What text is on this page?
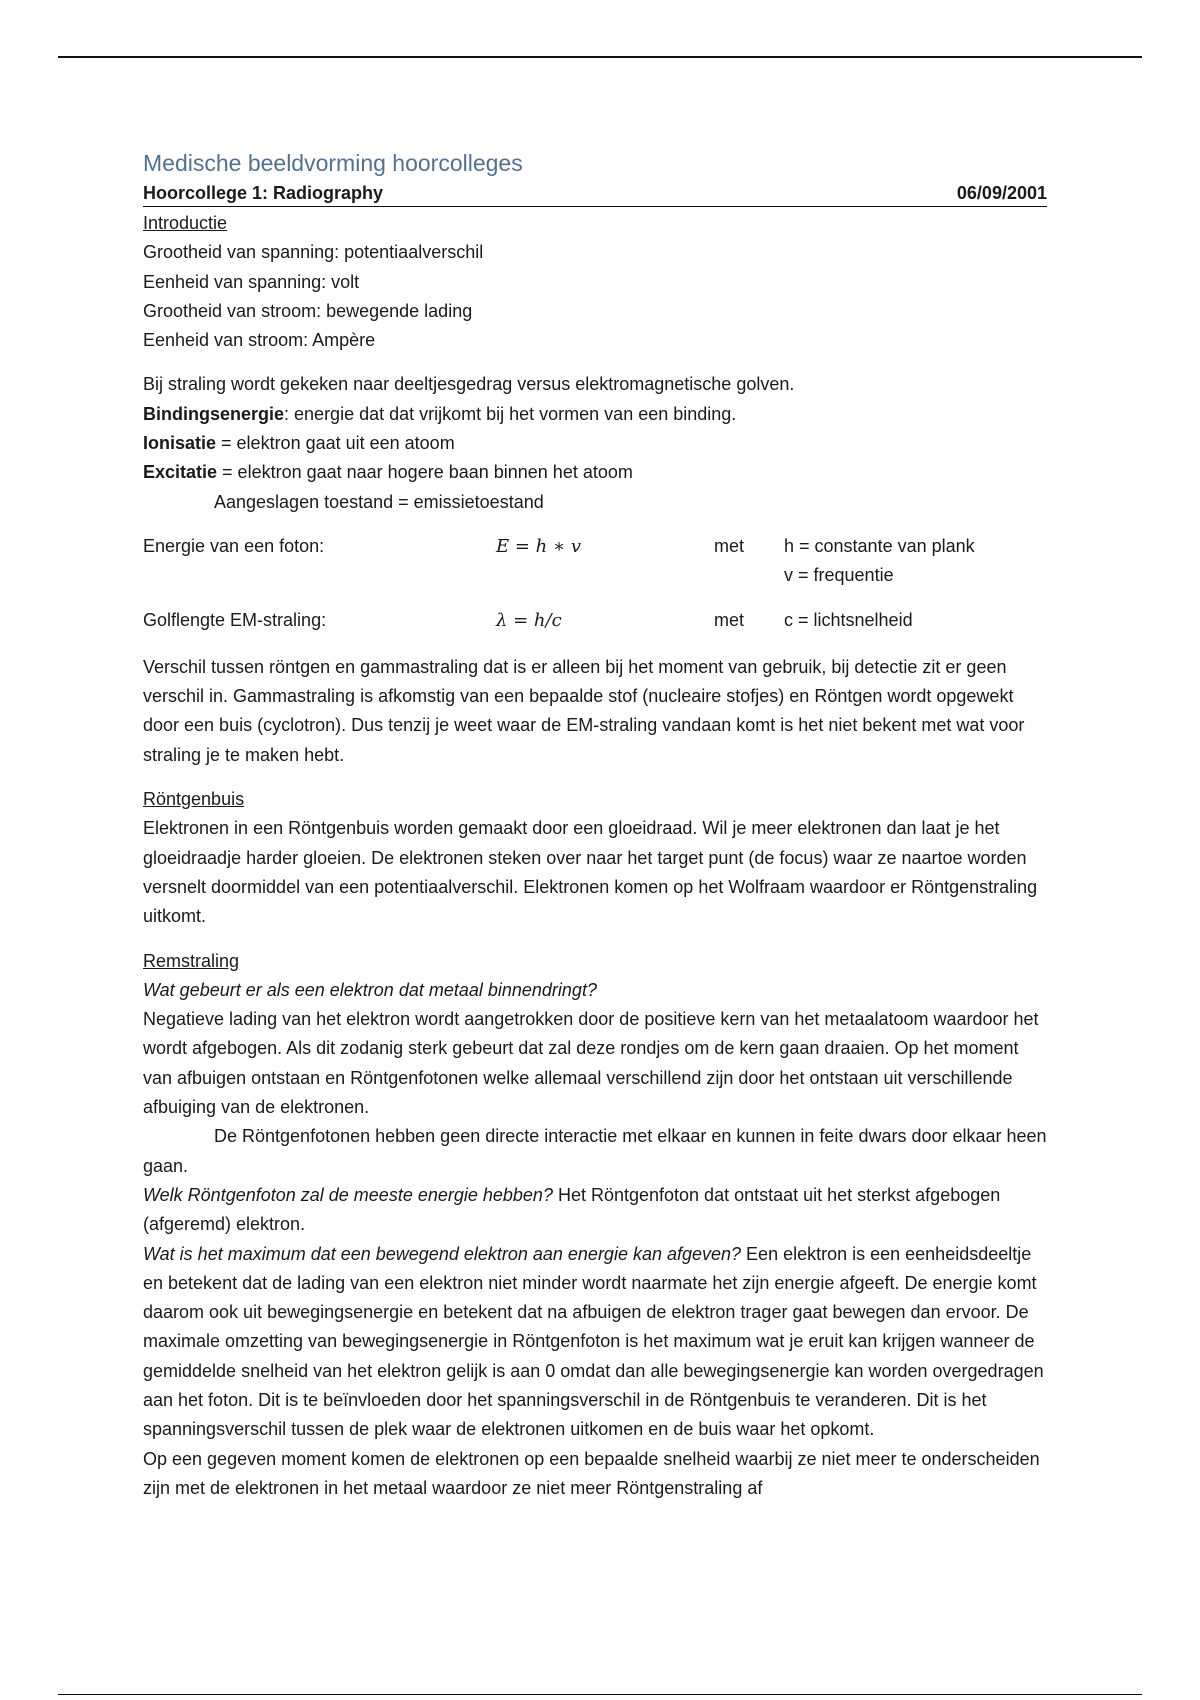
Medische beeldvorming hoorcolleges
Hoorcollege 1: Radiography	06/09/2001

Introductie

Grootheid van spanning: potentiaalverschil

Eenheid van spanning: volt

Grootheid van stroom: bewegende lading

Eenheid van stroom: Ampère

Bij straling wordt gekeken naar deeltjesgedrag versus elektromagnetische golven.

Bindingsenergie: energie dat dat vrijkomt bij het vormen van een binding.

Ionisatie = elektron gaat uit een atoom

Excitatie = elektron gaat naar hogere baan binnen het atoom

Aangeslagen toestand = emissietoestand

Energie van een foton:	E = h ∗ v	met	h = constante van plank
v = frequentie
Golflengte EM-straling:	λ = h/c	met	c = lichtsnelheid

Verschil tussen röntgen en gammastraling dat is er alleen bij het moment van gebruik, bij detectie zit er geen verschil in. Gammastraling is afkomstig van een bepaalde stof (nucleaire stofjes) en Röntgen wordt opgewekt door een buis (cyclotron). Dus tenzij je weet waar de EM-straling vandaan komt is het niet bekent met wat voor straling je te maken hebt.

Röntgenbuis

Elektronen in een Röntgenbuis worden gemaakt door een gloeidraad. Wil je meer elektronen dan laat je het gloeidraadje harder gloeien. De elektronen steken over naar het target punt (de focus) waar ze naartoe worden versnelt doormiddel van een potentiaalverschil. Elektronen komen op het Wolfraam waardoor er Röntgenstraling uitkomt.

Remstraling

Wat gebeurt er als een elektron dat metaal binnendringt?

Negatieve lading van het elektron wordt aangetrokken door de positieve kern van het metaalatoom waardoor het wordt afgebogen. Als dit zodanig sterk gebeurt dat zal deze rondjes om de kern gaan draaien. Op het moment van afbuigen ontstaan en Röntgenfotonen welke allemaal verschillend zijn door het ontstaan uit verschillende afbuiging van de elektronen.

De Röntgenfotonen hebben geen directe interactie met elkaar en kunnen in feite dwars door elkaar heen gaan.

Welk Röntgenfoton zal de meeste energie hebben? Het Röntgenfoton dat ontstaat uit het sterkst afgebogen (afgeremd) elektron.

Wat is het maximum dat een bewegend elektron aan energie kan afgeven? Een elektron is een eenheidsdeeltje en betekent dat de lading van een elektron niet minder wordt naarmate het zijn energie afgeeft. De energie komt daarom ook uit bewegingsenergie en betekent dat na afbuigen de elektron trager gaat bewegen dan ervoor. De maximale omzetting van bewegingsenergie in Röntgenfoton is het maximum wat je eruit kan krijgen wanneer de gemiddelde snelheid van het elektron gelijk is aan 0 omdat dan alle bewegingsenergie kan worden overgedragen aan het foton. Dit is te beïnvloeden door het spanningsverschil in de Röntgenbuis te veranderen. Dit is het spanningsverschil tussen de plek waar de elektronen uitkomen en de buis waar het opkomt.

Op een gegeven moment komen de elektronen op een bepaalde snelheid waarbij ze niet meer te onderscheiden zijn met de elektronen in het metaal waardoor ze niet meer Röntgenstraling af
